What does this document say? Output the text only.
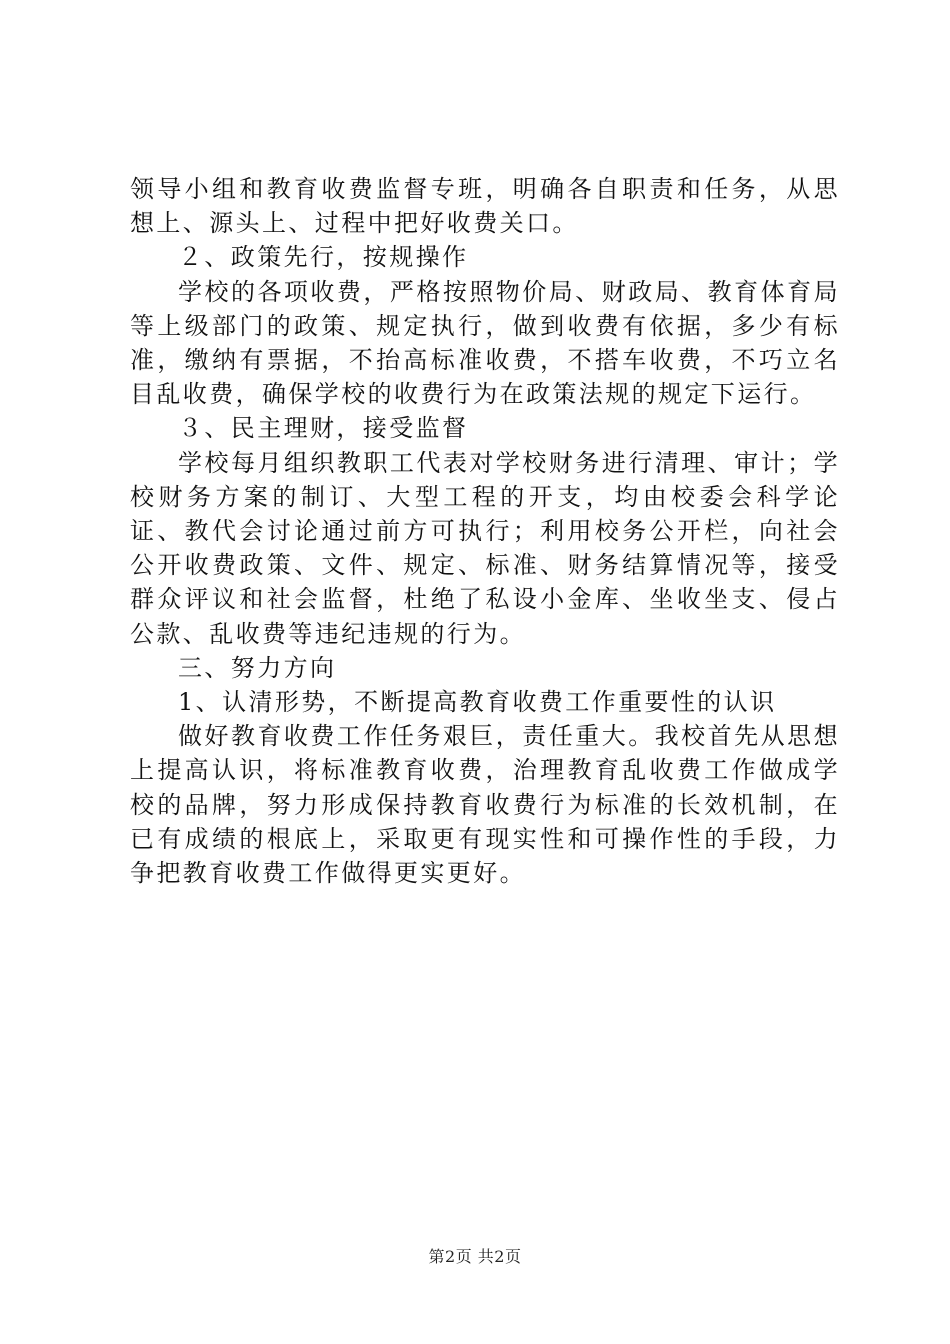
领导小组和教育收费监督专班，明确各自职责和任务，从思想上、源头上、过程中把好收费关口。

２、政策先行，按规操作

学校的各项收费，严格按照物价局、财政局、教育体育局等上级部门的政策、规定执行，做到收费有依据，多少有标准，缴纳有票据，不抬高标准收费，不搭车收费，不巧立名目乱收费，确保学校的收费行为在政策法规的规定下运行。

３、民主理财，接受监督

学校每月组织教职工代表对学校财务进行清理、审计；学校财务方案的制订、大型工程的开支，均由校委会科学论证、教代会讨论通过前方可执行；利用校务公开栏，向社会公开收费政策、文件、规定、标准、财务结算情况等，接受群众评议和社会监督，杜绝了私设小金库、坐收坐支、侵占公款、乱收费等违纪违规的行为。

三、努力方向

1、认清形势，不断提高教育收费工作重要性的认识

做好教育收费工作任务艰巨，责任重大。我校首先从思想上提高认识，将标准教育收费，治理教育乱收费工作做成学校的品牌，努力形成保持教育收费行为标准的长效机制，在已有成绩的根底上，采取更有现实性和可操作性的手段，力争把教育收费工作做得更实更好。

第2页 共2页
